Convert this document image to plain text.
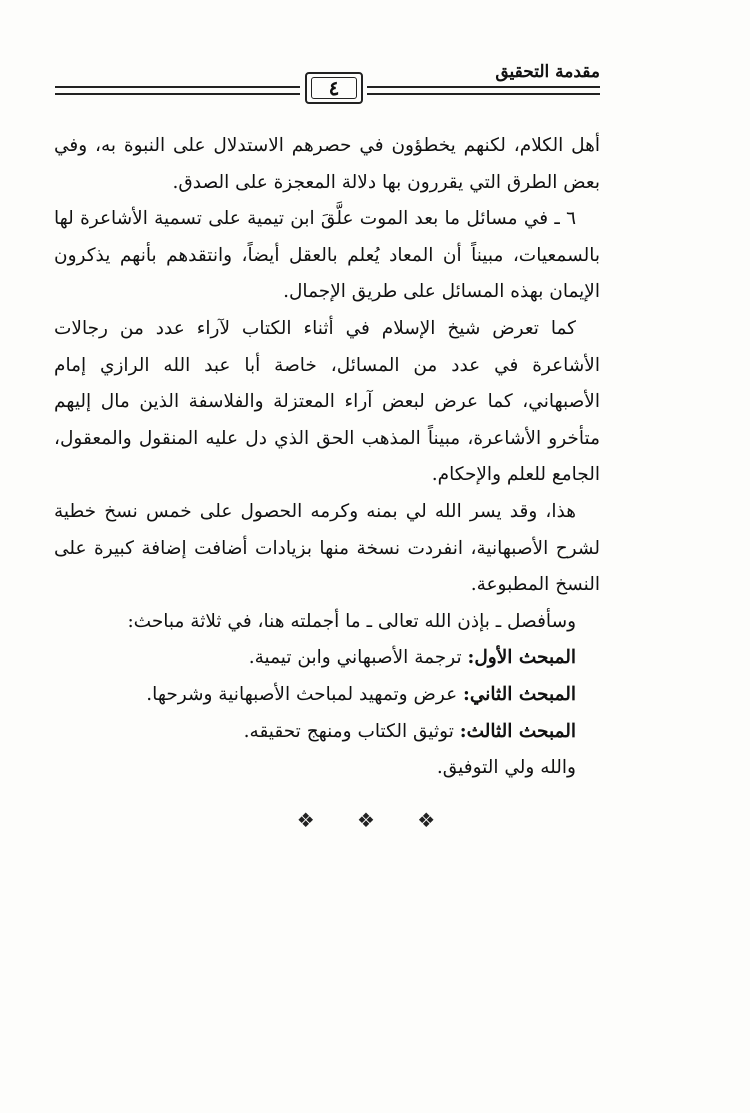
٤
مقدمة التحقيق

أهل الكلام، لكنهم يخطؤون في حصرهم الاستدلال على النبوة به، وفي بعض الطرق التي يقررون بها دلالة المعجزة على الصدق.

٦ ـ في مسائل ما بعد الموت علَّقَ ابن تيمية على تسمية الأشاعرة لها بالسمعيات، مبيناً أن المعاد يُعلم بالعقل أيضاً، وانتقدهم بأنهم يذكرون الإيمان بهذه المسائل على طريق الإجمال.

كما تعرض شيخ الإسلام في أثناء الكتاب لآراء عدد من رجالات الأشاعرة في عدد من المسائل، خاصة أبا عبد الله الرازي إمام الأصبهاني، كما عرض لبعض آراء المعتزلة والفلاسفة الذين مال إليهم متأخرو الأشاعرة، مبيناً المذهب الحق الذي دل عليه المنقول والمعقول، الجامع للعلم والإحكام.

هذا، وقد يسر الله لي بمنه وكرمه الحصول على خمس نسخ خطية لشرح الأصبهانية، انفردت نسخة منها بزيادات أضافت إضافة كبيرة على النسخ المطبوعة.

وسأفصل ـ بإذن الله تعالى ـ ما أجملته هنا، في ثلاثة مباحث:

المبحث الأول: ترجمة الأصبهاني وابن تيمية.

المبحث الثاني: عرض وتمهيد لمباحث الأصبهانية وشرحها.

المبحث الثالث: توثيق الكتاب ومنهج تحقيقه.

والله ولي التوفيق.

❖ ❖ ❖
